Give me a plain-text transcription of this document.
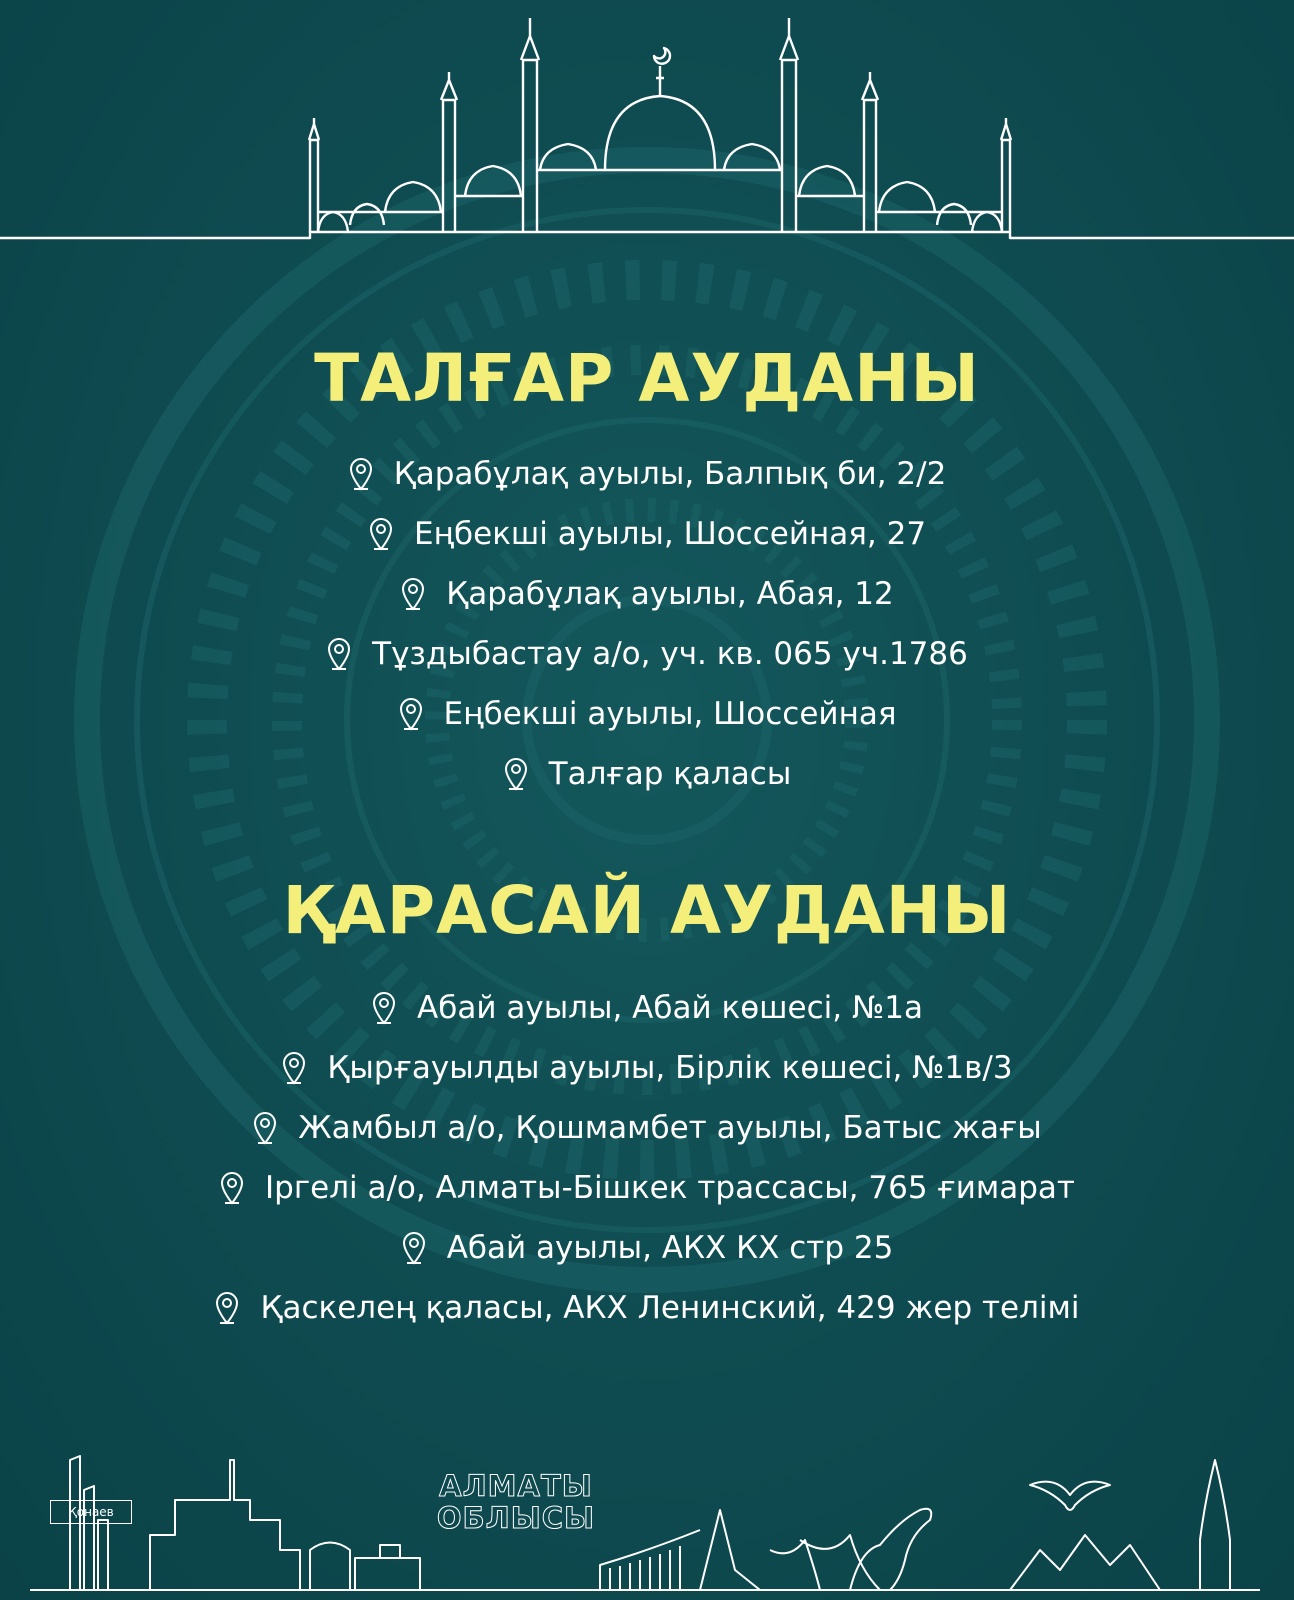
ТАЛҒАР АУДАНЫ
Қарабұлақ ауылы, Балпық би, 2/2
Еңбекші ауылы, Шоссейная, 27
Қарабұлақ ауылы, Абая, 12
Тұздыбастау а/о, уч. кв. 065 уч.1786
Еңбекші ауылы, Шоссейная
Талғар қаласы
ҚАРАСАЙ АУДАНЫ
Абай ауылы, Абай көшесі, №1а
Қырғауылды ауылы, Бірлік көшесі, №1в/3
Жамбыл а/о, Қошмамбет ауылы, Батыс жағы
Іргелі а/о, Алматы-Бішкек трассасы, 765 ғимарат
Абай ауылы, АКХ КХ стр 25
Қаскелең қаласы, АКХ Ленинский, 429 жер телімі
Қонаев
АЛМАТЫ
ОБЛЫСЫ
